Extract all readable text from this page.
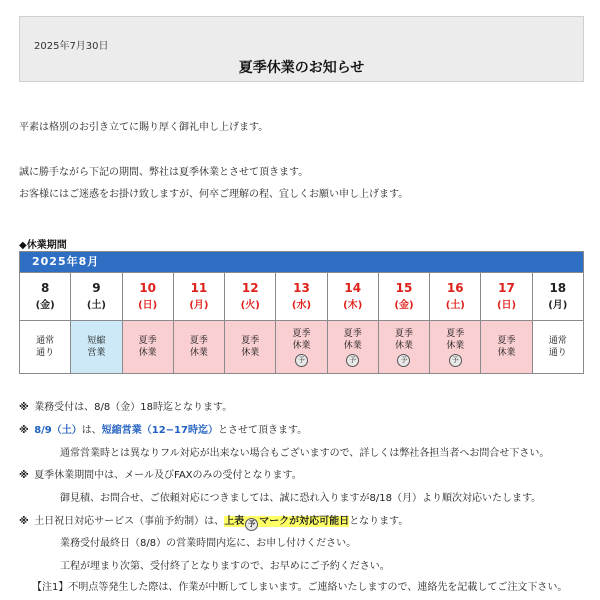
2025年7月30日
夏季休業のお知らせ
平素は格別のお引き立てに賜り厚く御礼申し上げます。
誠に勝手ながら下記の期間、弊社は夏季休業とさせて頂きます。
お客様にはご迷惑をお掛け致しますが、何卒ご理解の程、宜しくお願い申し上げます。
◆休業期間
2025年8月
8
(金)
9
(土)
10
(日)
11
(月)
12
(火)
13
(水)
14
(木)
15
(金)
16
(土)
17
(日)
18
(月)
通常
通り
短縮
営業
夏季
休業
夏季
休業
夏季
休業
夏季
休業
予
夏季
休業
予
夏季
休業
予
夏季
休業
予
夏季
休業
通常
通り
※ 業務受付は、8/8（金）18時迄となります。
※ 8/9（土）は、短縮営業（12−17時迄）とさせて頂きます。
通常営業時とは異なりフル対応が出来ない場合もございますので、詳しくは弊社各担当者へお問合せ下さい。
※ 夏季休業期間中は、メール及びFAXのみの受付となります。
御見積、お問合せ、ご依頼対応につきましては、誠に恐れ入りますが8/18（月）より順次対応いたします。
※ 土日祝日対応サービス（事前予約制）は、上表 予 マークが対応可能日となります。
業務受付最終日（8/8）の営業時間内迄に、お申し付けください。
工程が埋まり次第、受付終了となりますので、お早めにご予約ください。
【注1】不明点等発生した際は、作業が中断してしまいます。ご連絡いたしますので、連絡先を記載してご注文下さい。
